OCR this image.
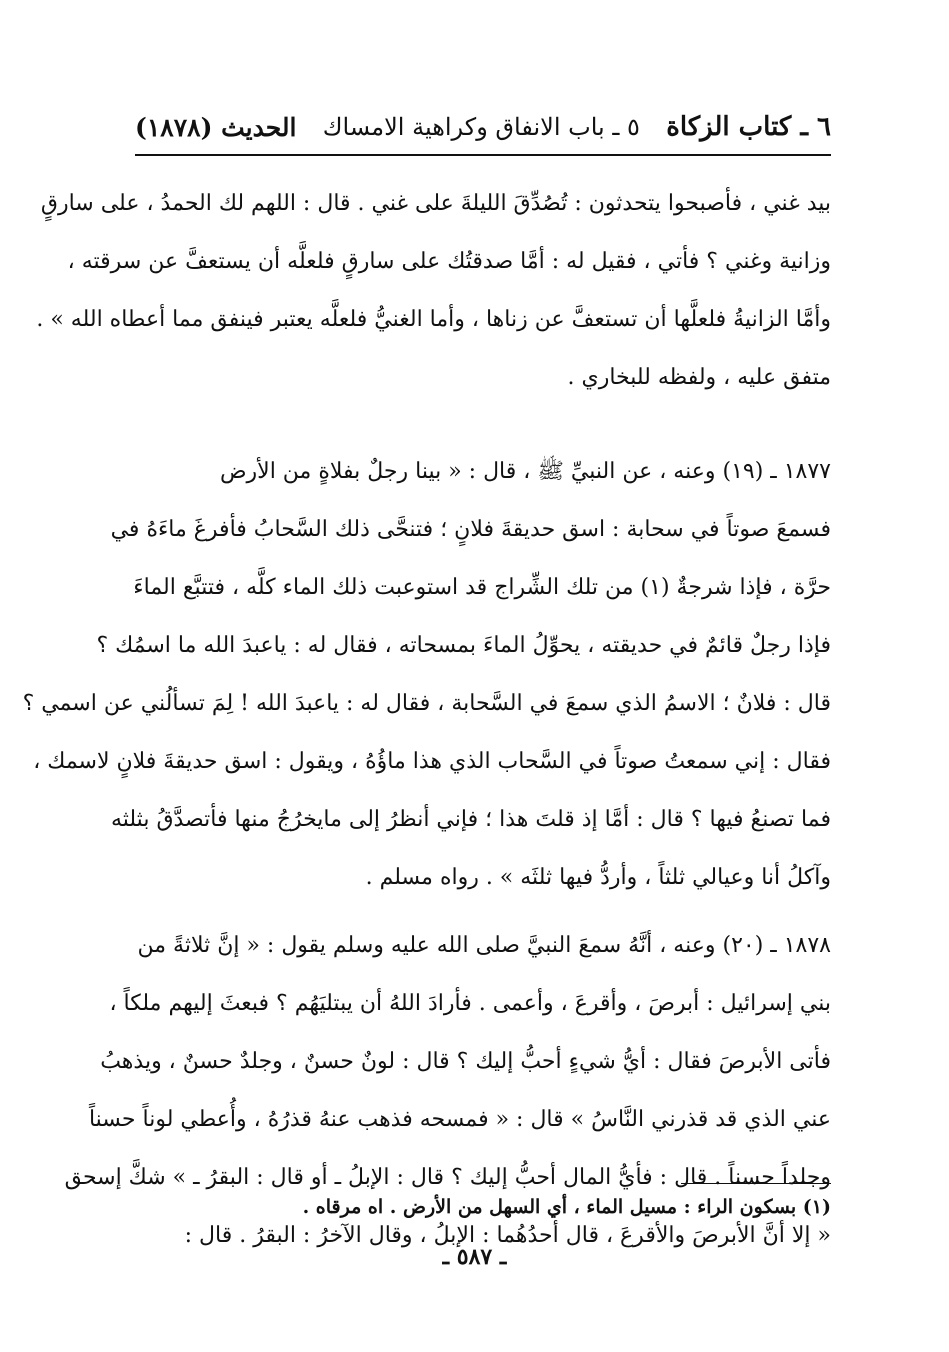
٦ ـ كتاب الزكاة
٥ ـ باب الانفاق وكراهية الامساك
الحديث (١٨٧٨)
بيد غني ، فأصبحوا يتحدثون : تُصُدِّقَ الليلةَ على غني . قال : اللهم لك الحمدُ ، على سارقٍ
وزانية وغني ؟ فأتي ، فقيل له : أمَّا صدقتُك على سارقٍ فلعلَّه أن يستعفَّ عن سرقته ،
وأمَّا الزانيةُ فلعلَّها أن تستعفَّ عن زناها ، وأما الغنيُّ فلعلَّه يعتبر فينفق مما أعطاه الله » .
متفق عليه ، ولفظه للبخاري .
١٨٧٧ ـ (١٩) وعنه ، عن النبيِّ ﷺ ، قال : « بينا رجلٌ بفلاةٍ من الأرض
فسمعَ صوتاً في سحابة : اسق حديقةَ فلانٍ ؛ فتنحَّى ذلك السَّحابُ فأفرغَ ماءَهُ في
حرَّة ، فإذا شرجةٌ (١) من تلك الشِّراج قد استوعبت ذلك الماء كلَّه ، فتتبَّع الماءَ
فإذا رجلٌ قائمٌ في حديقته ، يحوِّلُ الماءَ بمسحاته ، فقال له : ياعبدَ الله ما اسمُك ؟
قال : فلانٌ ؛ الاسمُ الذي سمعَ في السَّحابة ، فقال له : ياعبدَ الله ! لِمَ تسألُني عن اسمي ؟
فقال : إني سمعتُ صوتاً في السَّحاب الذي هذا ماؤُهُ ، ويقول : اسق حديقةَ فلانٍ لاسمك ،
فما تصنعُ فيها ؟ قال : أمَّا إذ قلتَ هذا ؛ فإني أنظرُ إلى مايخرُجُ منها فأتصدَّقُ بثلثه
وآكلُ أنا وعيالي ثلثاً ، وأردُّ فيها ثلثَه » . رواه مسلم .
١٨٧٨ ـ (٢٠) وعنه ، أنَّهُ سمعَ النبيَّ صلى الله عليه وسلم يقول : « إنَّ ثلاثةً من
بني إسرائيل : أبرصَ ، وأقرعَ ، وأعمى . فأرادَ اللهُ أن يبتليَهُم ؟ فبعثَ إليهم ملكاً ،
فأتى الأبرصَ فقال : أيُّ شيءٍ أحبُّ إليك ؟ قال : لونٌ حسنٌ ، وجلدٌ حسنٌ ، ويذهبُ
عني الذي قد قذرني النَّاسُ » قال : « فمسحه فذهب عنهُ قذرُهُ ، وأُعطي لوناً حسناً
وجلداً حسناً . قال : فأيُّ المال أحبُّ إليك ؟ قال : الإبلُ ـ أو قال : البقرُ ـ » شكَّ إسحق
« إلا أنَّ الأبرصَ والأقرعَ ، قال أحدُهُما : الإبلُ ، وقال الآخرُ : البقرُ . قال :
(١) بسكون الراء : مسيل الماء ، أي السهل من الأرض . اه مرقاه .
ـ ٥٨٧ ـ
